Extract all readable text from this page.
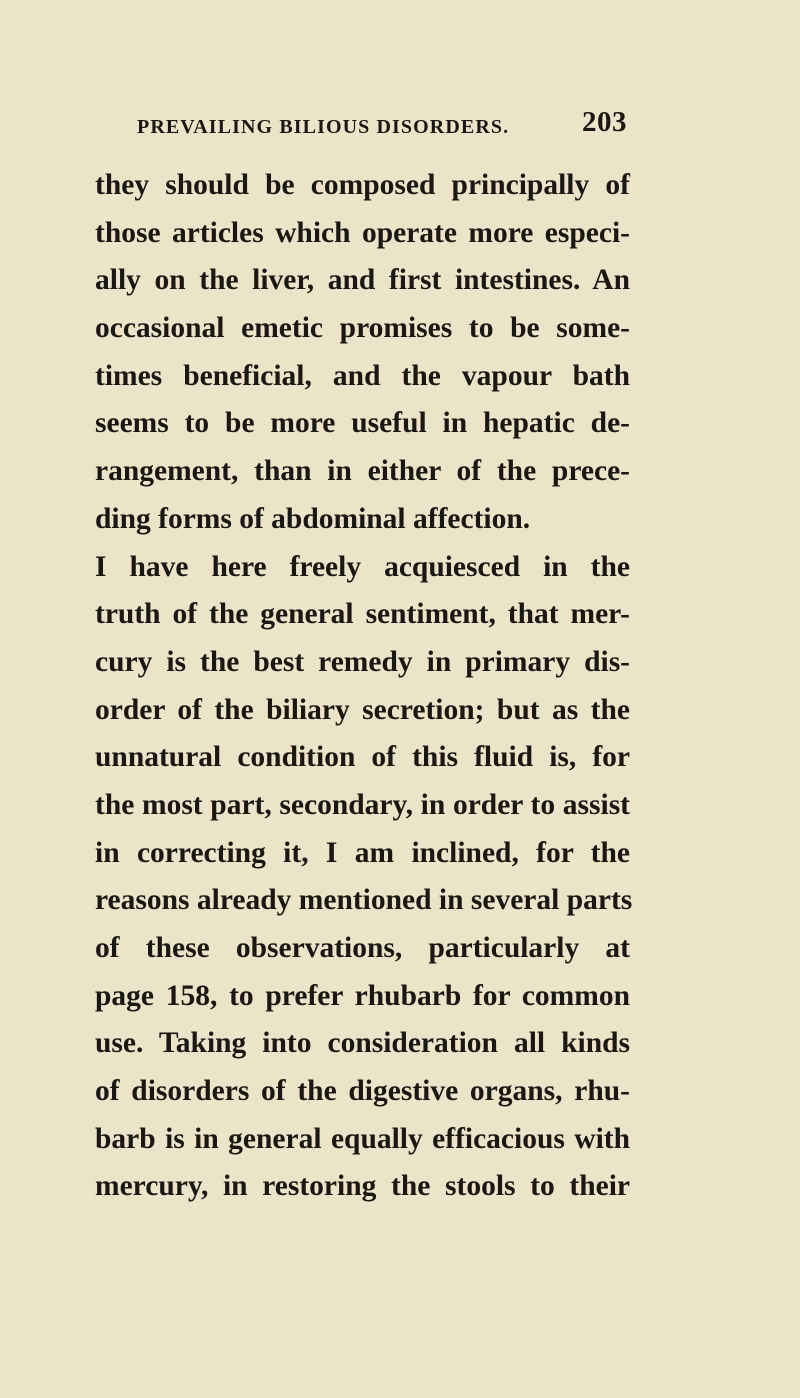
PREVAILING BILIOUS DISORDERS.	203
they should be composed principally of
those articles which operate more especi-
ally on the liver, and first intestines. An
occasional emetic promises to be some-
times beneficial, and the vapour bath
seems to be more useful in hepatic de-
rangement, than in either of the prece-
ding forms of abdominal affection.
I have here freely acquiesced in the
truth of the general sentiment, that mer-
cury is the best remedy in primary dis-
order of the biliary secretion; but as the
unnatural condition of this fluid is, for
the most part, secondary, in order to assist
in correcting it, I am inclined, for the
reasons already mentioned in several parts
of these observations, particularly at
page 158, to prefer rhubarb for common
use. Taking into consideration all kinds
of disorders of the digestive organs, rhu-
barb is in general equally efficacious with
mercury, in restoring the stools to their
